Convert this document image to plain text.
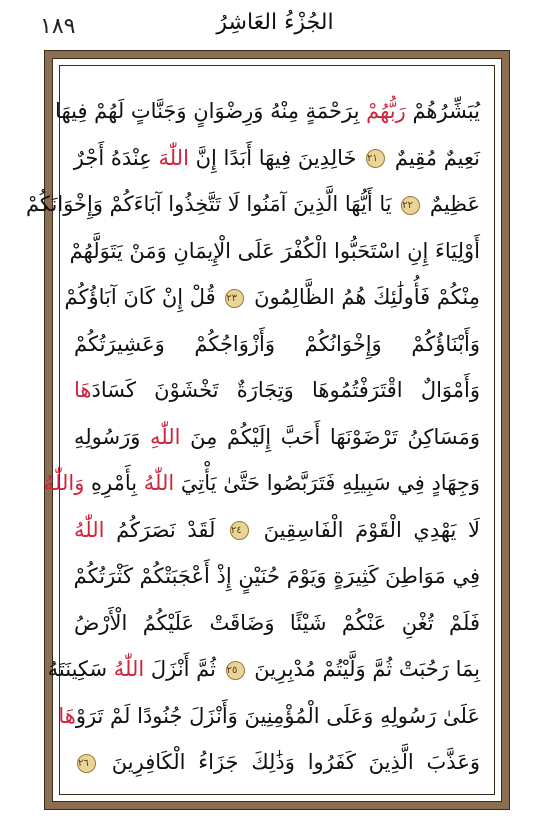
١٨٩	الجُزْءُ العَاشِرُ
يُبَشِّرُهُمْ رَبُّهُمْ بِرَحْمَةٍ مِنْهُ وَرِضْوَانٍ وَجَنَّاتٍ لَهُمْ فِيهَا
نَعِيمٌ مُقِيمٌ ٢١ خَالِدِينَ فِيهَا أَبَدًا إِنَّ اللّٰهَ عِنْدَهُ أَجْرٌ
عَظِيمٌ ٢٢ يَا أَيُّهَا الَّذِينَ آمَنُوا لَا تَتَّخِذُوا آبَاءَكُمْ وَإِخْوَانَكُمْ
أَوْلِيَاءَ إِنِ اسْتَحَبُّوا الْكُفْرَ عَلَى الْإِيمَانِ وَمَنْ يَتَوَلَّهُمْ
مِنْكُمْ فَأُولَٰئِكَ هُمُ الظَّالِمُونَ ٢٣ قُلْ إِنْ كَانَ آبَاؤُكُمْ
وَأَبْنَاؤُكُمْ وَإِخْوَانُكُمْ وَأَزْوَاجُكُمْ وَعَشِيرَتُكُمْ
وَأَمْوَالٌ اقْتَرَفْتُمُوهَا وَتِجَارَةٌ تَخْشَوْنَ كَسَادَهَا
وَمَسَاكِنُ تَرْضَوْنَهَا أَحَبَّ إِلَيْكُمْ مِنَ اللّٰهِ وَرَسُولِهِ
وَجِهَادٍ فِي سَبِيلِهِ فَتَرَبَّصُوا حَتَّىٰ يَأْتِيَ اللّٰهُ بِأَمْرِهِ وَاللّٰهُ
لَا يَهْدِي الْقَوْمَ الْفَاسِقِينَ ٢٤ لَقَدْ نَصَرَكُمُ اللّٰهُ
فِي مَوَاطِنَ كَثِيرَةٍ وَيَوْمَ حُنَيْنٍ إِذْ أَعْجَبَتْكُمْ كَثْرَتُكُمْ
فَلَمْ تُغْنِ عَنْكُمْ شَيْئًا وَضَاقَتْ عَلَيْكُمُ الْأَرْضُ
بِمَا رَحُبَتْ ثُمَّ وَلَّيْتُمْ مُدْبِرِينَ ٢٥ ثُمَّ أَنْزَلَ اللّٰهُ سَكِينَتَهُ
عَلَىٰ رَسُولِهِ وَعَلَى الْمُؤْمِنِينَ وَأَنْزَلَ جُنُودًا لَمْ تَرَوْهَا
وَعَذَّبَ الَّذِينَ كَفَرُوا وَذَٰلِكَ جَزَاءُ الْكَافِرِينَ ٢٦
